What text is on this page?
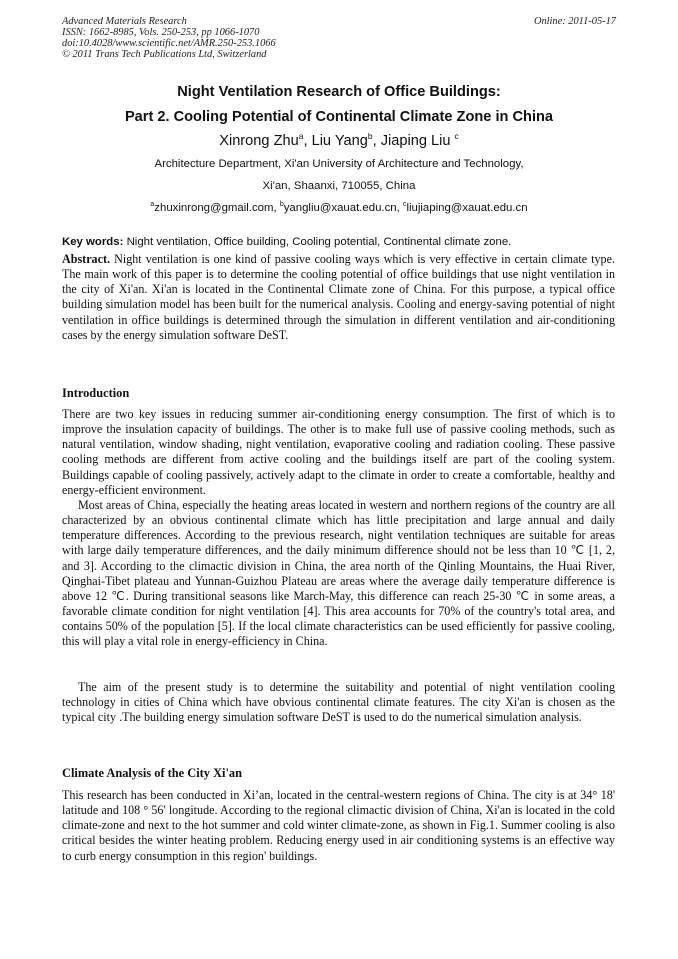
Advanced Materials Research
ISSN: 1662-8985, Vols. 250-253, pp 1066-1070
doi:10.4028/www.scientific.net/AMR.250-253.1066
© 2011 Trans Tech Publications Ltd, Switzerland
Online: 2011-05-17
Night Ventilation Research of Office Buildings:
Part 2. Cooling Potential of Continental Climate Zone in China
Xinrong Zhu$^a$, Liu Yang$^b$, Jiaping Liu $^c$
Architecture Department, Xi'an University of Architecture and Technology,
Xi'an, Shaanxi, 710055, China
$^a$zhuxinrong@gmail.com, $^b$yangliu@xauat.edu.cn, $^c$liujiaping@xauat.edu.cn
Key words: Night ventilation, Office building, Cooling potential, Continental climate zone.
Abstract. Night ventilation is one kind of passive cooling ways which is very effective in certain climate type. The main work of this paper is to determine the cooling potential of office buildings that use night ventilation in the city of Xi'an. Xi'an is located in the Continental Climate zone of China. For this purpose, a typical office building simulation model has been built for the numerical analysis. Cooling and energy-saving potential of night ventilation in office buildings is determined through the simulation in different ventilation and air-conditioning cases by the energy simulation software DeST.
Introduction
There are two key issues in reducing summer air-conditioning energy consumption. The first of which is to improve the insulation capacity of buildings. The other is to make full use of passive cooling methods, such as natural ventilation, window shading, night ventilation, evaporative cooling and radiation cooling. These passive cooling methods are different from active cooling and the buildings itself are part of the cooling system. Buildings capable of cooling passively, actively adapt to the climate in order to create a comfortable, healthy and energy-efficient environment.
Most areas of China, especially the heating areas located in western and northern regions of the country are all characterized by an obvious continental climate which has little precipitation and large annual and daily temperature differences. According to the previous research, night ventilation techniques are suitable for areas with large daily temperature differences, and the daily minimum difference should not be less than 10 ℃ [1, 2, and 3]. According to the climactic division in China, the area north of the Qinling Mountains, the Huai River, Qinghai-Tibet plateau and Yunnan-Guizhou Plateau are areas where the average daily temperature difference is above 12 ℃. During transitional seasons like March-May, this difference can reach 25-30 ℃ in some areas, a favorable climate condition for night ventilation [4]. This area accounts for 70% of the country's total area, and contains 50% of the population [5]. If the local climate characteristics can be used efficiently for passive cooling, this will play a vital role in energy-efficiency in China.
The aim of the present study is to determine the suitability and potential of night ventilation cooling technology in cities of China which have obvious continental climate features. The city Xi'an is chosen as the typical city .The building energy simulation software DeST is used to do the numerical simulation analysis.
Climate Analysis of the City Xi'an
This research has been conducted in Xi’an, located in the central-western regions of China. The city is at 34° 18' latitude and 108 ° 56' longitude. According to the regional climactic division of China, Xi'an is located in the cold climate-zone and next to the hot summer and cold winter climate-zone, as shown in Fig.1. Summer cooling is also critical besides the winter heating problem. Reducing energy used in air conditioning systems is an effective way to curb energy consumption in this region' buildings.
